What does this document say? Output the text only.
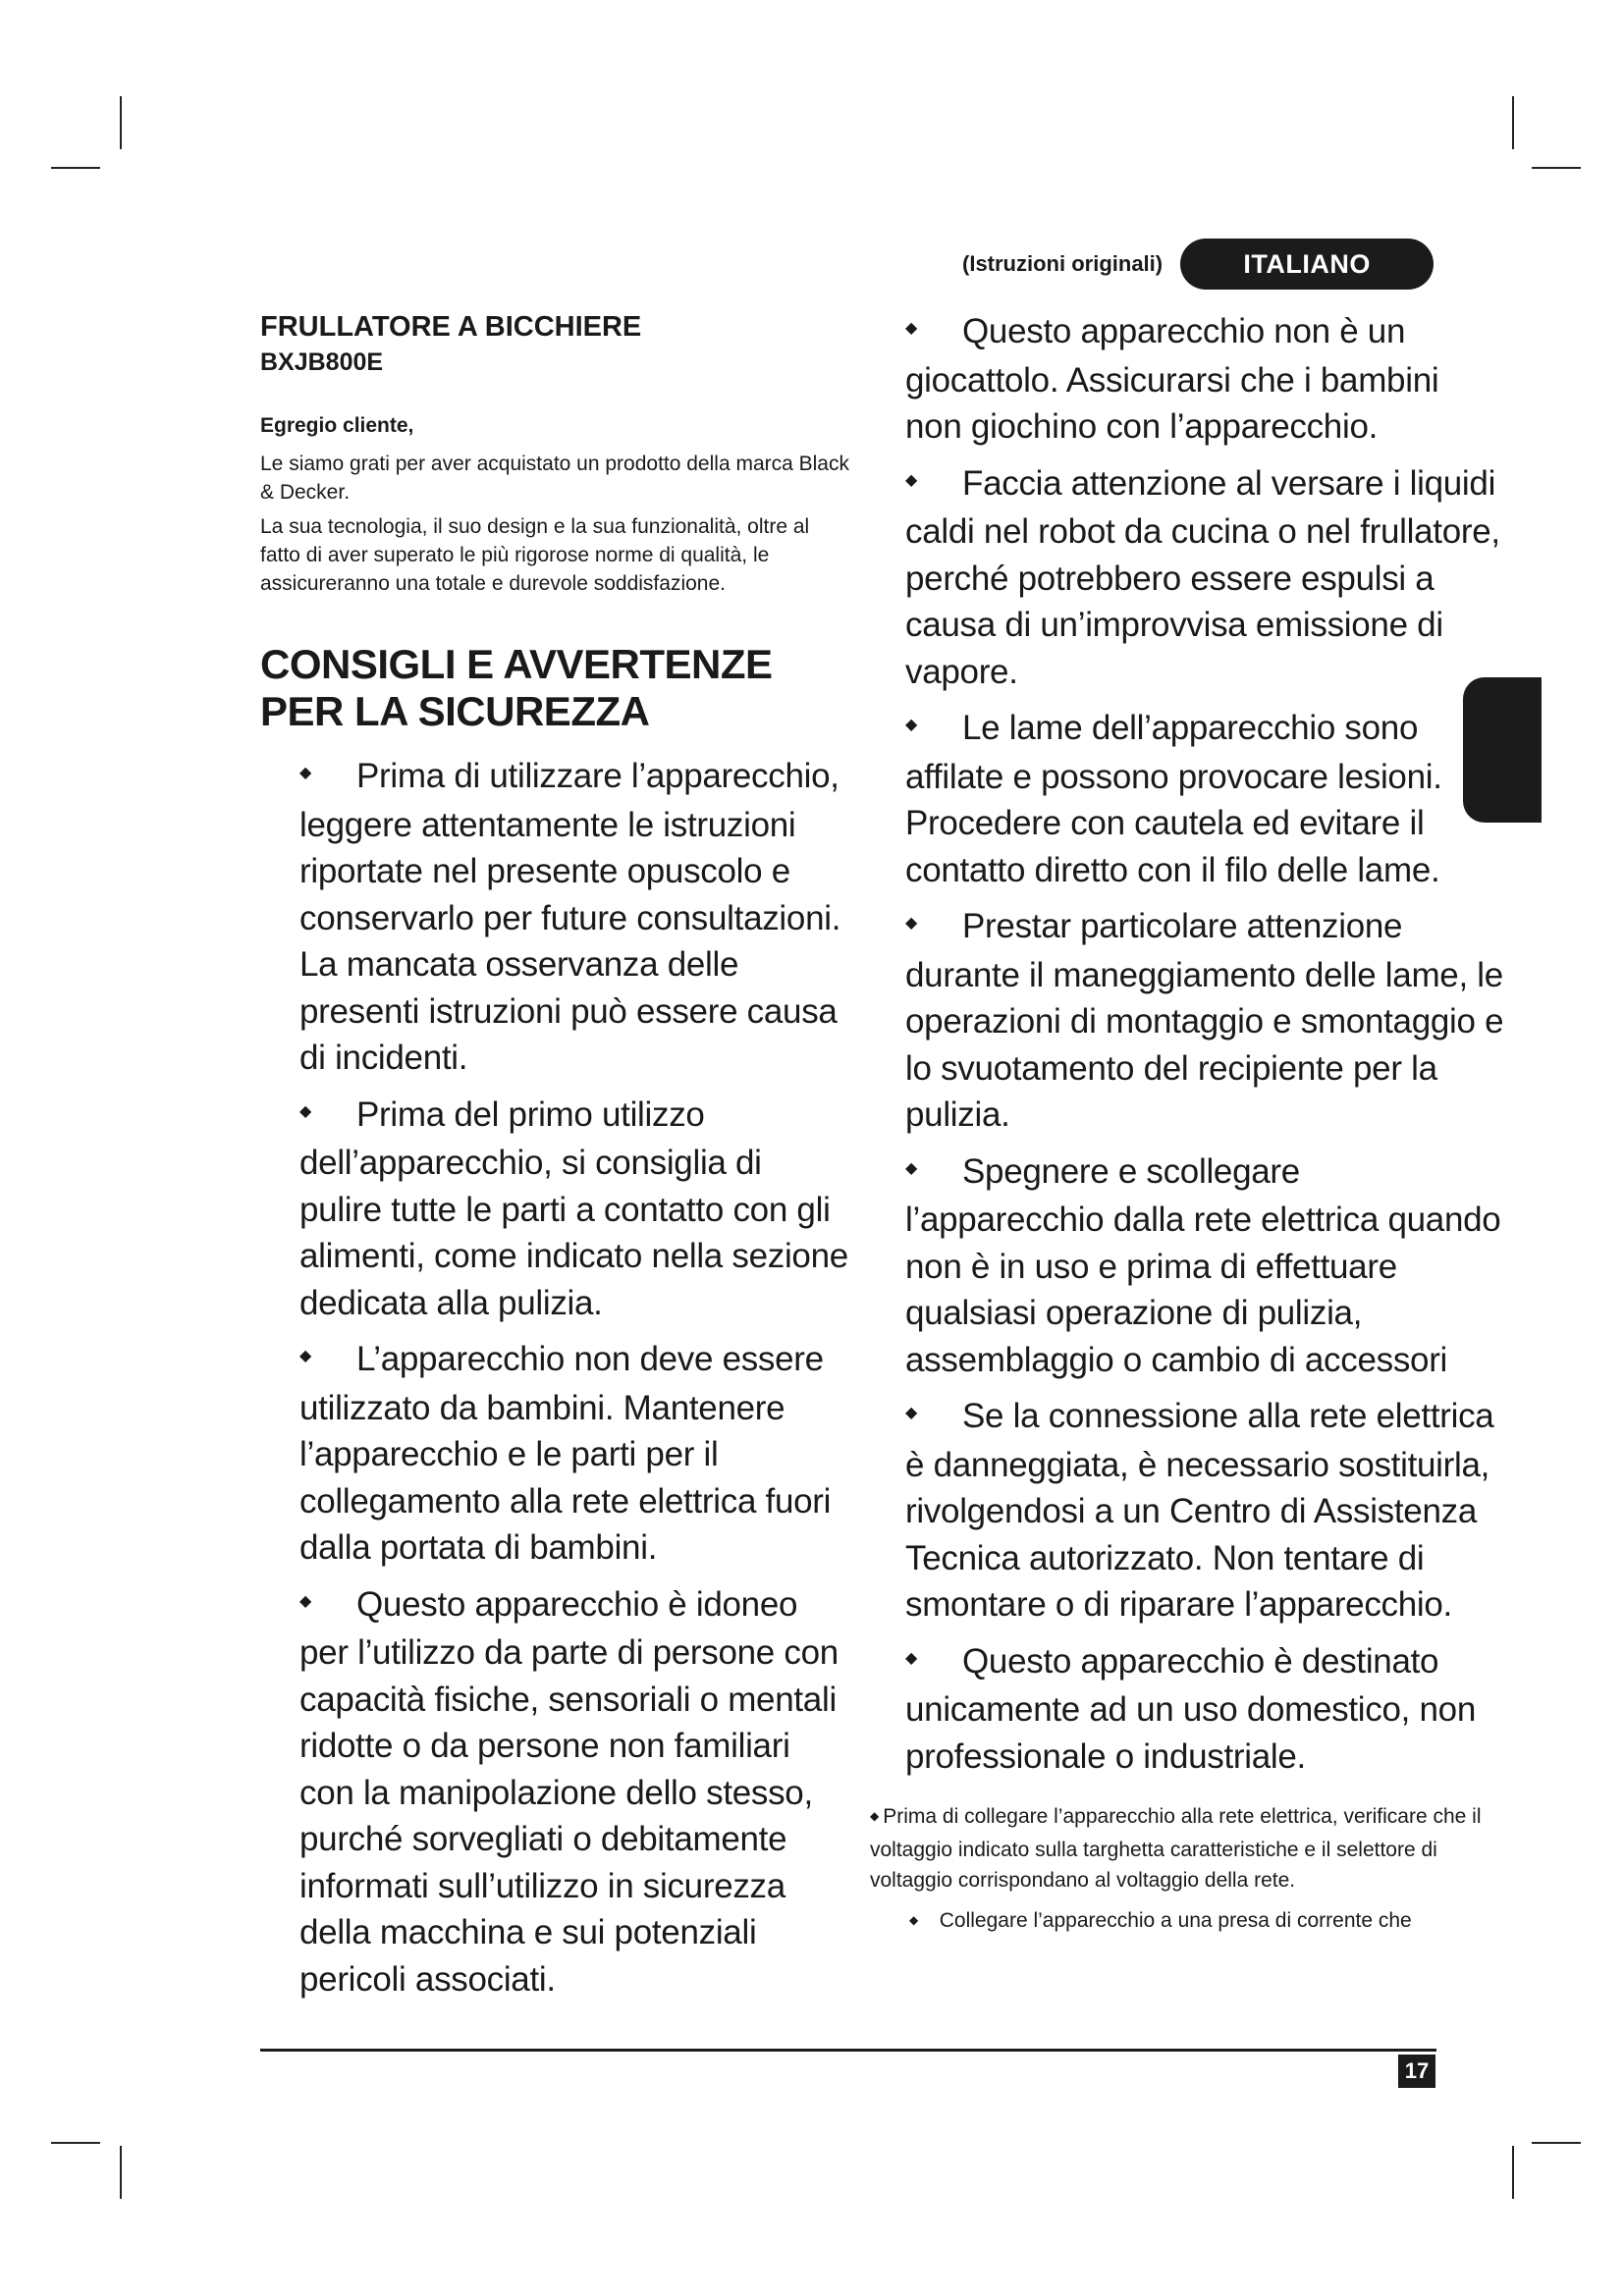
(Istruzioni originali)	ITALIANO

FRULLATORE A BICCHIERE

BXJB800E

Egregio cliente,

Le siamo grati per aver acquistato un prodotto della marca Black & Decker.

La sua tecnologia, il suo design e la sua funzionalità, oltre al fatto di aver superato le più rigorose norme di qualità, le assicureranno una totale e durevole soddisfazione.

CONSIGLI E AVVERTENZE
PER LA SICUREZZA
◆ Prima di utilizzare l’apparecchio, leggere attentamente le istruzioni riportate nel presente opuscolo e conservarlo per future consultazioni. La mancata osservanza delle presenti istruzioni può essere causa di incidenti.
◆ Prima del primo utilizzo dell’apparecchio, si consiglia di pulire tutte le parti a contatto con gli alimenti, come indicato nella sezione dedicata alla pulizia.
◆ L’apparecchio non deve essere utilizzato da bambini. Mantenere l’apparecchio e le parti per il collegamento alla rete elettrica fuori dalla portata di bambini.
◆ Questo apparecchio è idoneo per l’utilizzo da parte di persone con capacità fisiche, sensoriali o mentali ridotte o da persone non familiari con la manipolazione dello stesso, purché sorvegliati o debitamente informati sull’utilizzo in sicurezza della macchina e sui potenziali pericoli associati.
◆ Questo apparecchio non è un giocattolo. Assicurarsi che i bambini non giochino con l’apparecchio.
◆ Faccia attenzione al versare i liquidi caldi nel robot da cucina o nel frullatore, perché potrebbero essere espulsi a causa di un’improvvisa emissione di vapore.
◆ Le lame dell’apparecchio sono affilate e possono provocare lesioni. Procedere con cautela ed evitare il contatto diretto con il filo delle lame.
◆ Prestar particolare attenzione durante il maneggiamento delle lame, le operazioni di montaggio e smontaggio e lo svuotamento del recipiente per la pulizia.
◆ Spegnere e scollegare l’apparecchio dalla rete elettrica quando non è in uso e prima di effettuare qualsiasi operazione di pulizia, assemblaggio o cambio di accessori
◆ Se la connessione alla rete elettrica è danneggiata, è necessario sostituirla, rivolgendosi a un Centro di Assistenza Tecnica autorizzato. Non tentare di smontare o di riparare l’apparecchio.
◆ Questo apparecchio è destinato unicamente ad un uso domestico, non professionale o industriale.
◆ Prima di collegare l’apparecchio alla rete elettrica, verificare che il voltaggio indicato sulla targhetta caratteristiche e il selettore di voltaggio corrispondano al voltaggio della rete.
◆ Collegare l’apparecchio a una presa di corrente che
17
